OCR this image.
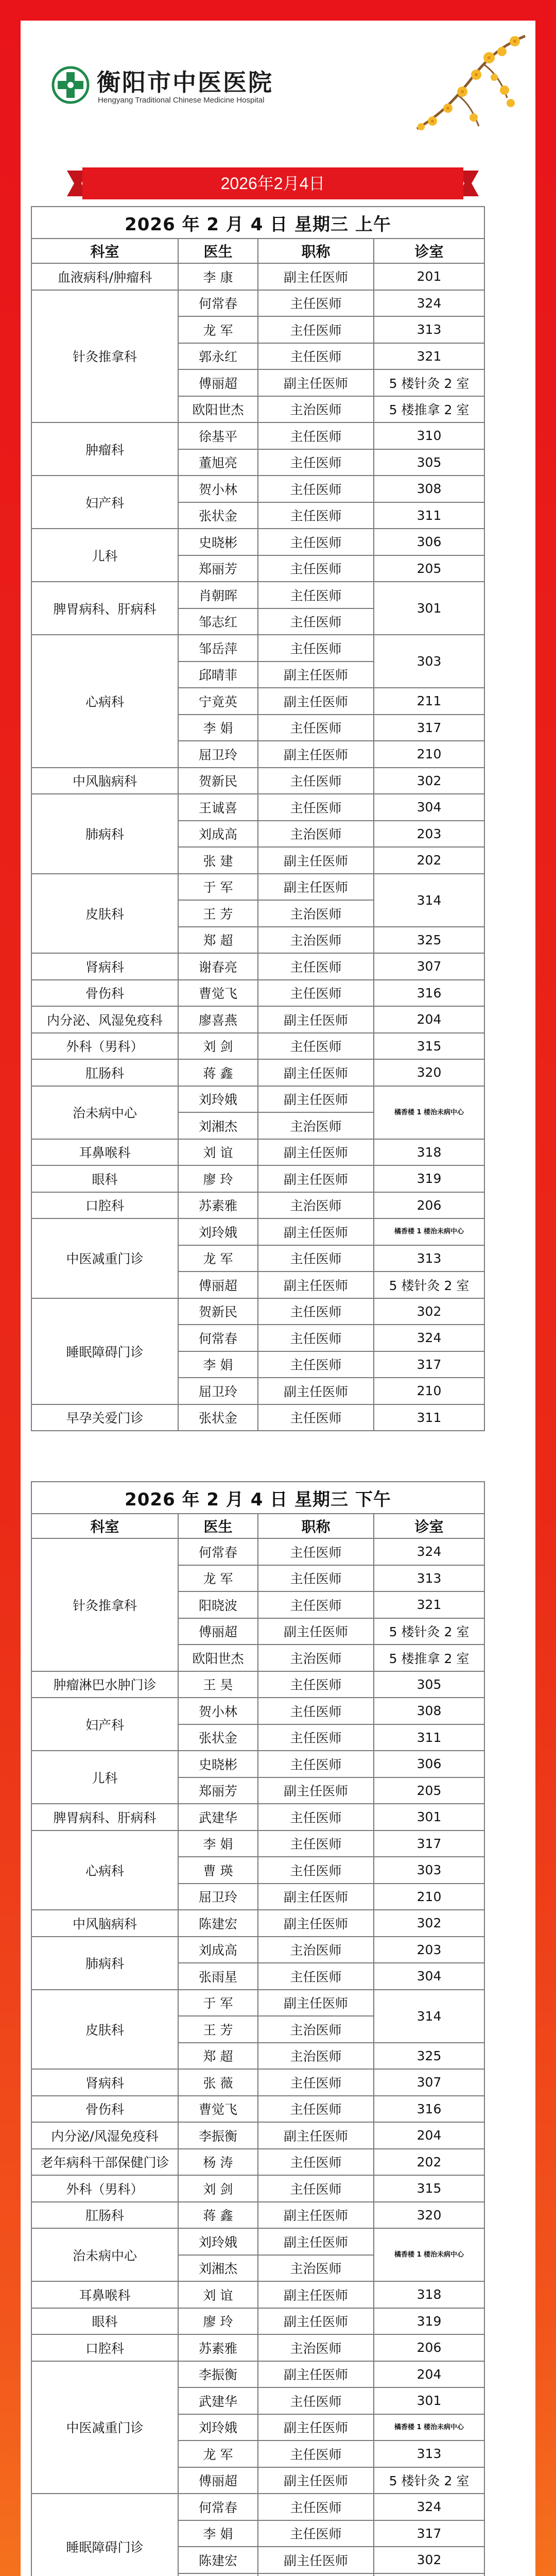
衡阳市中医医院
Hengyang Traditional Chinese Medicine Hospital
2026年2月4日
2026 年 2 月 4 日 星期三 上午			
科室	医生	职称	诊室
血液病科/肿瘤科	李 康	副主任医师	201
针灸推拿科	何常春	主任医师	324
	龙 军	主任医师	313
	郭永红	主任医师	321
	傅丽超	副主任医师	5 楼针灸 2 室
	欧阳世杰	主治医师	5 楼推拿 2 室
肿瘤科	徐基平	主任医师	310
	董旭亮	主任医师	305
妇产科	贺小林	主任医师	308
	张状金	主任医师	311
儿科	史晓彬	主任医师	306
	郑丽芳	主任医师	205
脾胃病科、肝病科	肖朝晖	主任医师	301
	邹志红	主任医师	
心病科	邹岳萍	主任医师	303
	邱晴菲	副主任医师	
	宁竟英	副主任医师	211
	李 娟	主任医师	317
	屈卫玲	副主任医师	210
中风脑病科	贺新民	主任医师	302
肺病科	王诚喜	主任医师	304
	刘成高	主治医师	203
	张 建	副主任医师	202
皮肤科	于 军	副主任医师	314
	王 芳	主治医师	
	郑 超	主治医师	325
肾病科	谢春亮	主任医师	307
骨伤科	曹觉飞	主任医师	316
内分泌、风湿免疫科	廖喜燕	副主任医师	204
外科（男科）	刘 剑	主任医师	315
肛肠科	蒋 鑫	副主任医师	320
治未病中心	刘玲娥	副主任医师	橘香楼 1 楼治未病中心
	刘湘杰	主治医师	
耳鼻喉科	刘 谊	副主任医师	318
眼科	廖 玲	副主任医师	319
口腔科	苏素雅	主治医师	206
中医减重门诊	刘玲娥	副主任医师	橘香楼 1 楼治未病中心
	龙 军	主任医师	313
	傅丽超	副主任医师	5 楼针灸 2 室
睡眠障碍门诊	贺新民	主任医师	302
	何常春	主任医师	324
	李 娟	主任医师	317
	屈卫玲	副主任医师	210
早孕关爱门诊	张状金	主任医师	311
2026 年 2 月 4 日 星期三 下午			
科室	医生	职称	诊室
针灸推拿科	何常春	主任医师	324
	龙 军	主任医师	313
	阳晓波	主任医师	321
	傅丽超	副主任医师	5 楼针灸 2 室
	欧阳世杰	主治医师	5 楼推拿 2 室
肿瘤淋巴水肿门诊	王 昊	主任医师	305
妇产科	贺小林	主任医师	308
	张状金	主任医师	311
儿科	史晓彬	主任医师	306
	郑丽芳	副主任医师	205
脾胃病科、肝病科	武建华	主任医师	301
心病科	李 娟	主任医师	317
	曹 瑛	主任医师	303
	屈卫玲	副主任医师	210
中风脑病科	陈建宏	副主任医师	302
肺病科	刘成高	主治医师	203
	张雨星	主任医师	304
皮肤科	于 军	副主任医师	314
	王 芳	主治医师	
	郑 超	主治医师	325
肾病科	张 薇	主任医师	307
骨伤科	曹觉飞	主任医师	316
内分泌/风湿免疫科	李振衡	副主任医师	204
老年病科干部保健门诊	杨 涛	主任医师	202
外科（男科）	刘 剑	主任医师	315
肛肠科	蒋 鑫	副主任医师	320
治未病中心	刘玲娥	副主任医师	橘香楼 1 楼治未病中心
	刘湘杰	主治医师	
耳鼻喉科	刘 谊	副主任医师	318
眼科	廖 玲	副主任医师	319
口腔科	苏素雅	主治医师	206
中医减重门诊	李振衡	副主任医师	204
	武建华	主任医师	301
	刘玲娥	副主任医师	橘香楼 1 楼治未病中心
	龙 军	主任医师	313
	傅丽超	副主任医师	5 楼针灸 2 室
睡眠障碍门诊	何常春	主任医师	324
	李 娟	主任医师	317
	陈建宏	副主任医师	302
